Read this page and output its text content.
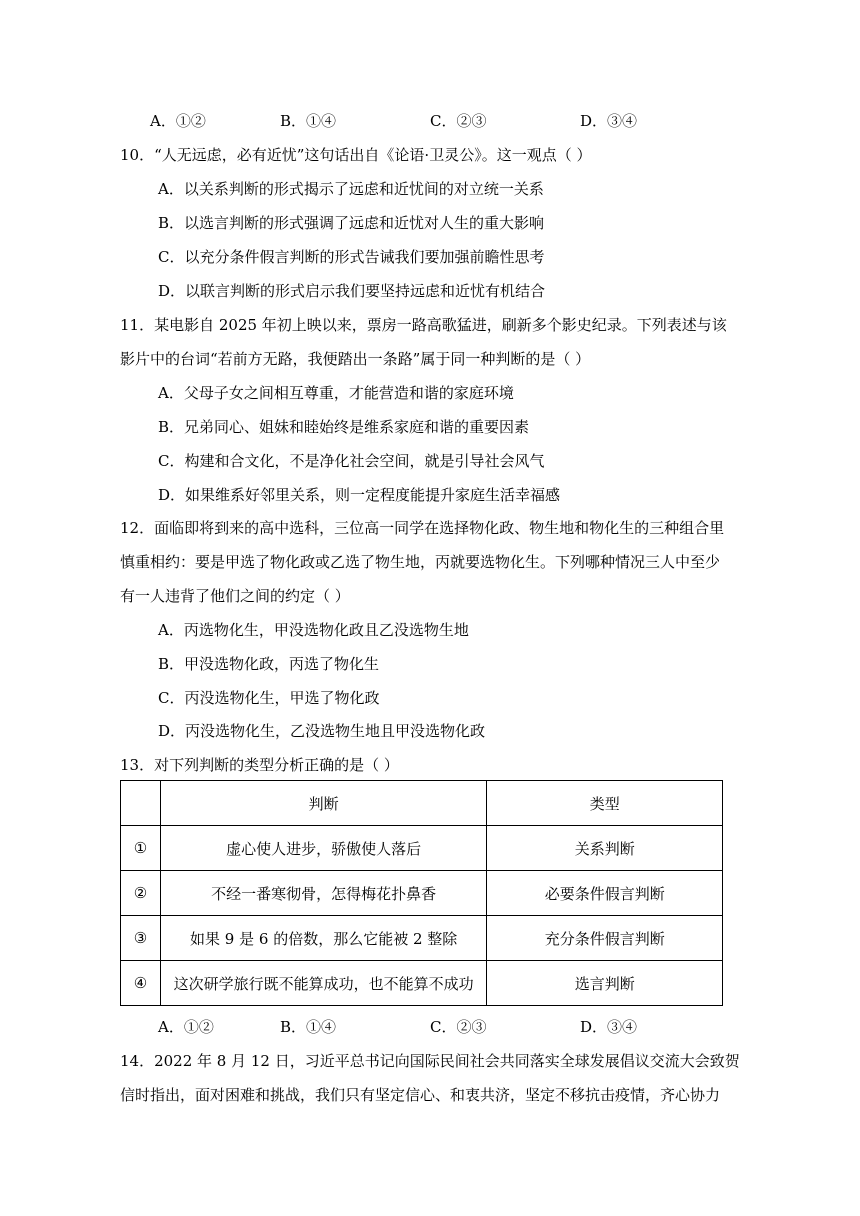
A．①②	B．①④	C．②③	D．③④
10．“人无远虑，必有近忧”这句话出自《论语·卫灵公》。这一观点（ ）
A．以关系判断的形式揭示了远虑和近忧间的对立统一关系
B．以选言判断的形式强调了远虑和近忧对人生的重大影响
C．以充分条件假言判断的形式告诫我们要加强前瞻性思考
D．以联言判断的形式启示我们要坚持远虑和近忧有机结合
11．某电影自 2025 年初上映以来，票房一路高歌猛进，刷新多个影史纪录。下列表述与该
影片中的台词“若前方无路，我便踏出一条路”属于同一种判断的是（ ）
A．父母子女之间相互尊重，才能营造和谐的家庭环境
B．兄弟同心、姐妹和睦始终是维系家庭和谐的重要因素
C．构建和合文化，不是净化社会空间，就是引导社会风气
D．如果维系好邻里关系，则一定程度能提升家庭生活幸福感
12．面临即将到来的高中选科，三位高一同学在选择物化政、物生地和物化生的三种组合里
慎重相约：要是甲选了物化政或乙选了物生地，丙就要选物化生。下列哪种情况三人中至少
有一人违背了他们之间的约定（ ）
A．丙选物化生，甲没选物化政且乙没选物生地
B．甲没选物化政，丙选了物化生
C．丙没选物化生，甲选了物化政
D．丙没选物化生，乙没选物生地且甲没选物化政
13．对下列判断的类型分析正确的是（ ）
	判断	类型
①	虚心使人进步，骄傲使人落后	关系判断
②	不经一番寒彻骨，怎得梅花扑鼻香	必要条件假言判断
③	如果 9 是 6 的倍数，那么它能被 2 整除	充分条件假言判断
④	这次研学旅行既不能算成功，也不能算不成功	选言判断
A．①②	B．①④	C．②③	D．③④
14．2022 年 8 月 12 日，习近平总书记向国际民间社会共同落实全球发展倡议交流大会致贺
信时指出，面对困难和挑战，我们只有坚定信心、和衷共济，坚定不移抗击疫情，齐心协力
